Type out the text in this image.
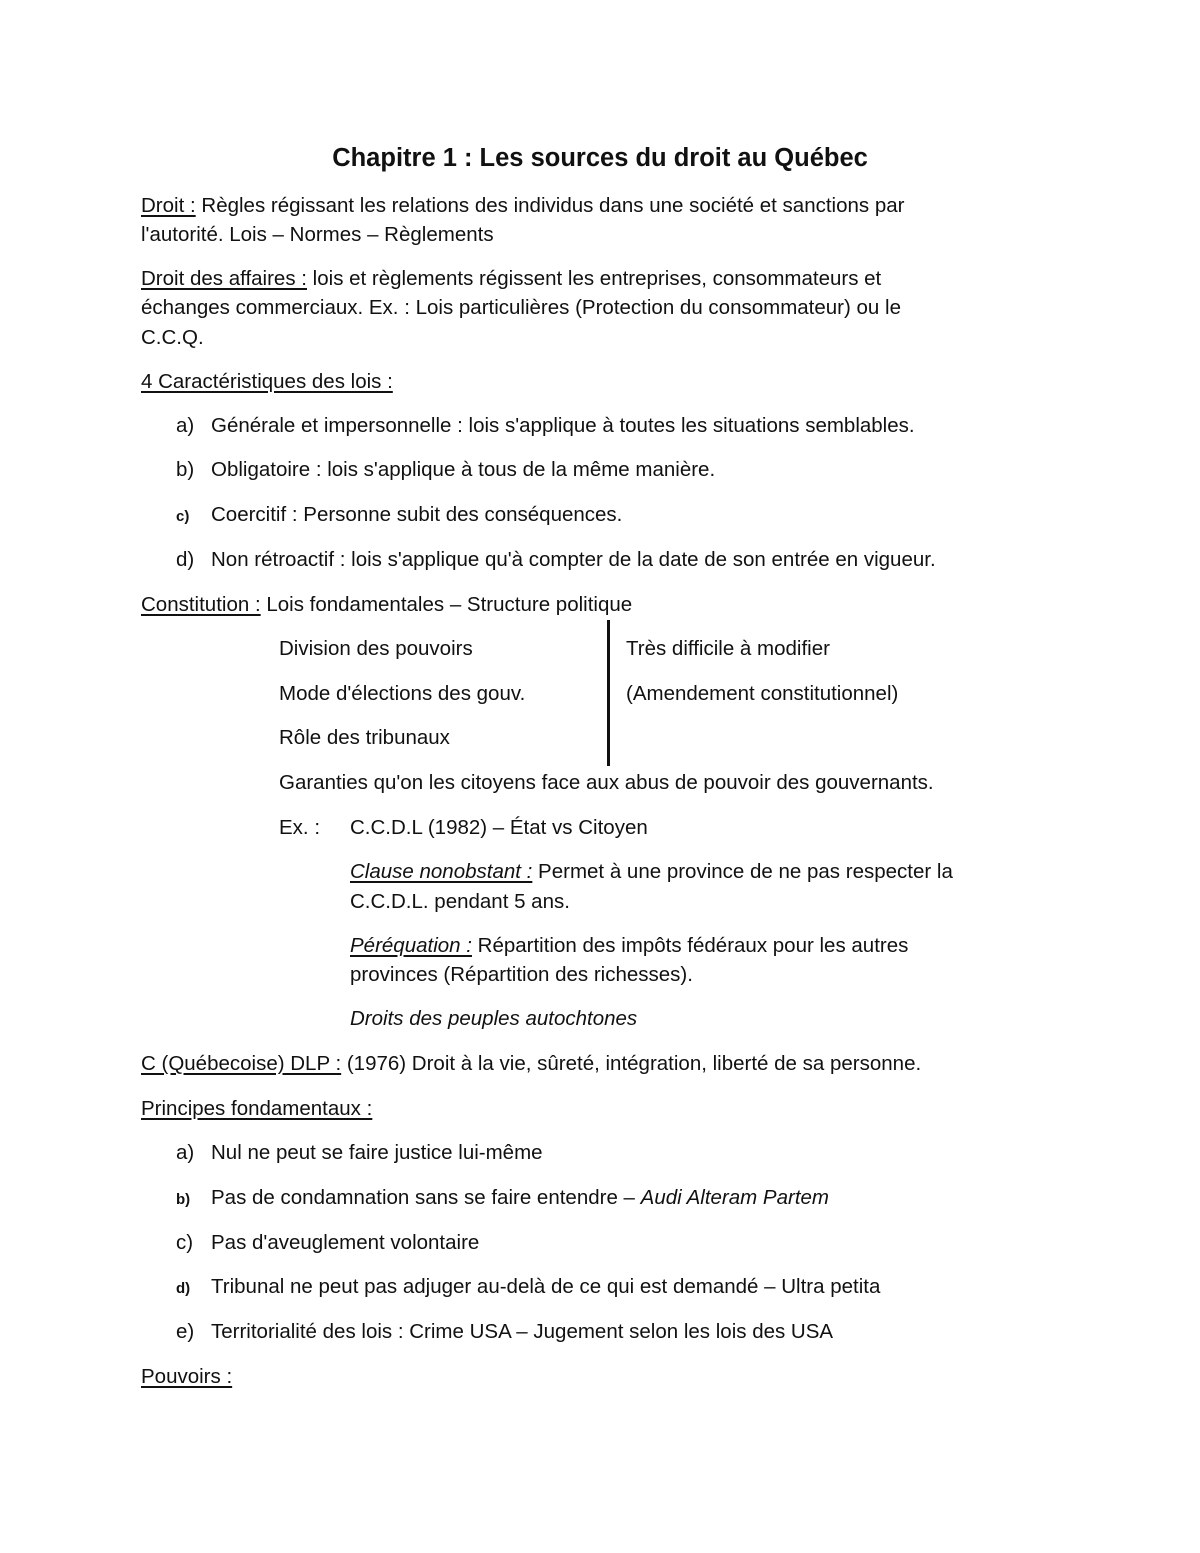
Chapitre 1 : Les sources du droit au Québec
Droit : Règles régissant les relations des individus dans une société et sanctions par
l'autorité. Lois – Normes – Règlements
Droit des affaires : lois et règlements régissent les entreprises, consommateurs et
échanges commerciaux. Ex. : Lois particulières (Protection du consommateur) ou le
C.C.Q.
4 Caractéristiques des lois :
a) Générale et impersonnelle : lois s'applique à toutes les situations semblables.
b) Obligatoire : lois s'applique à tous de la même manière.
c) Coercitif : Personne subit des conséquences.
d) Non rétroactif : lois s'applique qu'à compter de la date de son entrée en vigueur.
Constitution : Lois fondamentales – Structure politique
Division des pouvoirs
Mode d'élections des gouv.
Rôle des tribunaux
Très difficile à modifier
(Amendement constitutionnel)
Garanties qu'on les citoyens face aux abus de pouvoir des gouvernants.
Ex. : C.C.D.L (1982) – État vs Citoyen
Clause nonobstant : Permet à une province de ne pas respecter la
C.C.D.L. pendant 5 ans.
Péréquation : Répartition des impôts fédéraux pour les autres
provinces (Répartition des richesses).
Droits des peuples autochtones
C (Québecoise) DLP : (1976) Droit à la vie, sûreté, intégration, liberté de sa personne.
Principes fondamentaux :
a) Nul ne peut se faire justice lui-même
b) Pas de condamnation sans se faire entendre – Audi Alteram Partem
c) Pas d'aveuglement volontaire
d) Tribunal ne peut pas adjuger au-delà de ce qui est demandé – Ultra petita
e) Territorialité des lois : Crime USA – Jugement selon les lois des USA
Pouvoirs :
